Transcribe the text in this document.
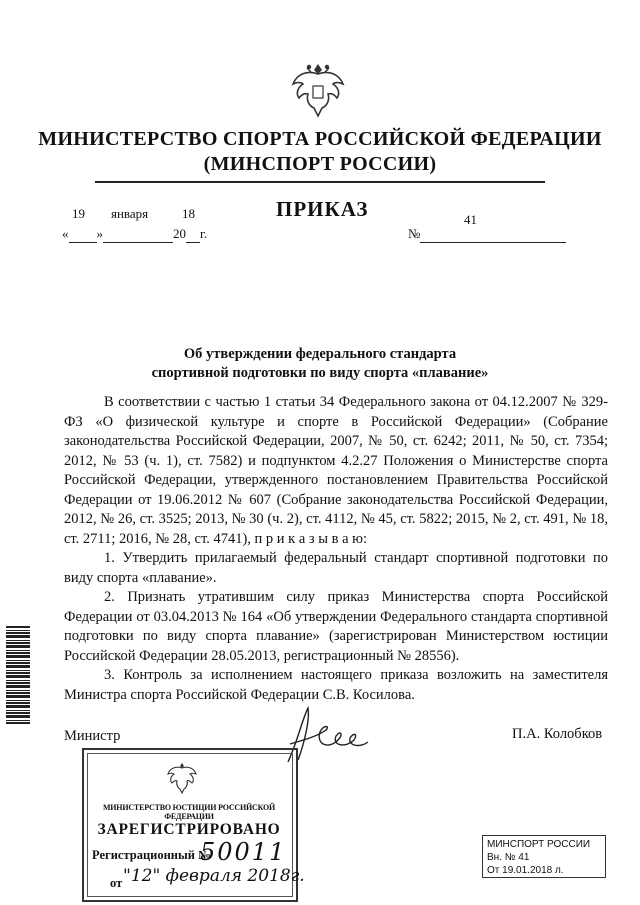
МИНИСТЕРСТВО СПОРТА РОССИЙСКОЙ ФЕДЕРАЦИИ
(МИНСПОРТ РОССИИ)
ПРИКАЗ
19 января	18
« »	20 г.	№
41
Об утверждении федерального стандарта
спортивной подготовки по виду спорта «плавание»

В соответствии с частью 1 статьи 34 Федерального закона от 04.12.2007 № 329-ФЗ «О физической культуре и спорте в Российской Федерации» (Собрание законодательства Российской Федерации, 2007, № 50, ст. 6242; 2011, № 50, ст. 7354; 2012, № 53 (ч. 1), ст. 7582) и подпунктом 4.2.27 Положения о Министерстве спорта Российской Федерации, утвержденного постановлением Правительства Российской Федерации от 19.06.2012 № 607 (Собрание законодательства Российской Федерации, 2012, № 26, ст. 3525; 2013, № 30 (ч. 2), ст. 4112, № 45, ст. 5822; 2015, № 2, ст. 491, № 18, ст. 2711; 2016, № 28, ст. 4741), п р и к а з ы в а ю:

1. Утвердить прилагаемый федеральный стандарт спортивной подготовки по виду спорта «плавание».

2. Признать утратившим силу приказ Министерства спорта Российской Федерации от 03.04.2013 № 164 «Об утверждении Федерального стандарта спортивной подготовки по виду спорта плавание» (зарегистрирован Министерством юстиции Российской Федерации 28.05.2013, регистрационный № 28556).

3. Контроль за исполнением настоящего приказа возложить на заместителя Министра спорта Российской Федерации С.В. Косилова.

Министр	П.А. Колобков
МИНИСТЕРСТВО ЮСТИЦИИ РОССИЙСКОЙ ФЕДЕРАЦИИ
ЗАРЕГИСТРИРОВАНО
Регистрационный №
50011
от "12" февраля 2018г.
МИНСПОРТ РОССИИ
Вн. № 41
От 19.01.2018 л.
